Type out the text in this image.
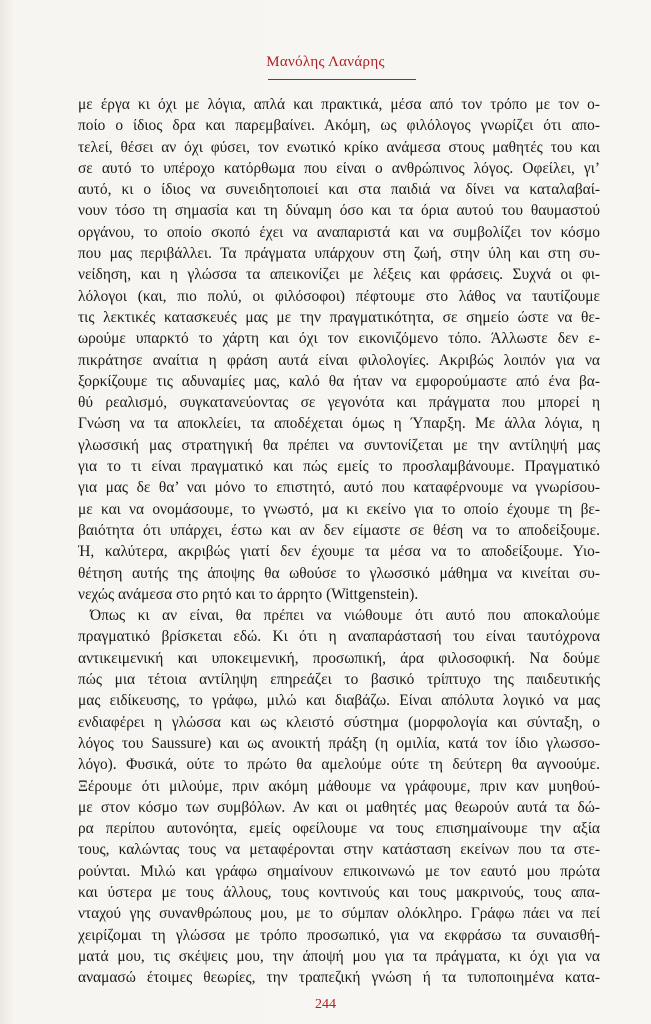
Μανόλης Λανάρης
με έργα κι όχι με λόγια, απλά και πρακτικά, μέσα από τον τρόπο με τον ο-
ποίο ο ίδιος δρα και παρεμβαίνει. Ακόμη, ως φιλόλογος γνωρίζει ότι απο-
τελεί, θέσει αν όχι φύσει, τον ενωτικό κρίκο ανάμεσα στους μαθητές του και
σε αυτό το υπέροχο κατόρθωμα που είναι ο ανθρώπινος λόγος. Οφείλει, γι’
αυτό, κι ο ίδιος να συνειδητοποιεί και στα παιδιά να δίνει να καταλαβαί-
νουν τόσο τη σημασία και τη δύναμη όσο και τα όρια αυτού του θαυμαστού
οργάνου, το οποίο σκοπό έχει να αναπαριστά και να συμβολίζει τον κόσμο
που μας περιβάλλει. Τα πράγματα υπάρχουν στη ζωή, στην ύλη και στη συ-
νείδηση, και η γλώσσα τα απεικονίζει με λέξεις και φράσεις. Συχνά οι φι-
λόλογοι (και, πιο πολύ, οι φιλόσοφοι) πέφτουμε στο λάθος να ταυτίζουμε
τις λεκτικές κατασκευές μας με την πραγματικότητα, σε σημείο ώστε να θε-
ωρούμε υπαρκτό το χάρτη και όχι τον εικονιζόμενο τόπο. Άλλωστε δεν ε-
πικράτησε αναίτια η φράση αυτά είναι φιλολογίες. Ακριβώς λοιπόν για να
ξορκίζουμε τις αδυναμίες μας, καλό θα ήταν να εμφορούμαστε από ένα βα-
θύ ρεαλισμό, συγκατανεύοντας σε γεγονότα και πράγματα που μπορεί η
Γνώση να τα αποκλείει, τα αποδέχεται όμως η Ύπαρξη. Με άλλα λόγια, η
γλωσσική μας στρατηγική θα πρέπει να συντονίζεται με την αντίληψή μας
για το τι είναι πραγματικό και πώς εμείς το προσλαμβάνουμε. Πραγματικό
για μας δε θα’ ναι μόνο το επιστητό, αυτό που καταφέρνουμε να γνωρίσου-
με και να ονομάσουμε, το γνωστό, μα κι εκείνο για το οποίο έχουμε τη βε-
βαιότητα ότι υπάρχει, έστω και αν δεν είμαστε σε θέση να το αποδείξουμε.
Ή, καλύτερα, ακριβώς γιατί δεν έχουμε τα μέσα να το αποδείξουμε. Υιο-
θέτηση αυτής της άποψης θα ωθούσε το γλωσσικό μάθημα να κινείται συ-
νεχώς ανάμεσα στο ρητό και το άρρητο (Wittgenstein).
Όπως κι αν είναι, θα πρέπει να νιώθουμε ότι αυτό που αποκαλούμε
πραγματικό βρίσκεται εδώ. Κι ότι η αναπαράστασή του είναι ταυτόχρονα
αντικειμενική και υποκειμενική, προσωπική, άρα φιλοσοφική. Να δούμε
πώς μια τέτοια αντίληψη επηρεάζει το βασικό τρίπτυχο της παιδευτικής
μας ειδίκευσης, το γράφω, μιλώ και διαβάζω. Είναι απόλυτα λογικό να μας
ενδιαφέρει η γλώσσα και ως κλειστό σύστημα (μορφολογία και σύνταξη, ο
λόγος του Saussure) και ως ανοικτή πράξη (η ομιλία, κατά τον ίδιο γλωσσο-
λόγο). Φυσικά, ούτε το πρώτο θα αμελούμε ούτε τη δεύτερη θα αγνοούμε.
Ξέρουμε ότι μιλούμε, πριν ακόμη μάθουμε να γράφουμε, πριν καν μυηθού-
με στον κόσμο των συμβόλων. Αν και οι μαθητές μας θεωρούν αυτά τα δώ-
ρα περίπου αυτονόητα, εμείς οφείλουμε να τους επισημαίνουμε την αξία
τους, καλώντας τους να μεταφέρονται στην κατάσταση εκείνων που τα στε-
ρούνται. Μιλώ και γράφω σημαίνουν επικοινωνώ με τον εαυτό μου πρώτα
και ύστερα με τους άλλους, τους κοντινούς και τους μακρινούς, τους απα-
νταχού γης συνανθρώπους μου, με το σύμπαν ολόκληρο. Γράφω πάει να πεί
χειρίζομαι τη γλώσσα με τρόπο προσωπικό, για να εκφράσω τα συναισθή-
ματά μου, τις σκέψεις μου, την άποψή μου για τα πράγματα, κι όχι για να
αναμασώ έτοιμες θεωρίες, την τραπεζική γνώση ή τα τυποποιημένα κατα-
244
